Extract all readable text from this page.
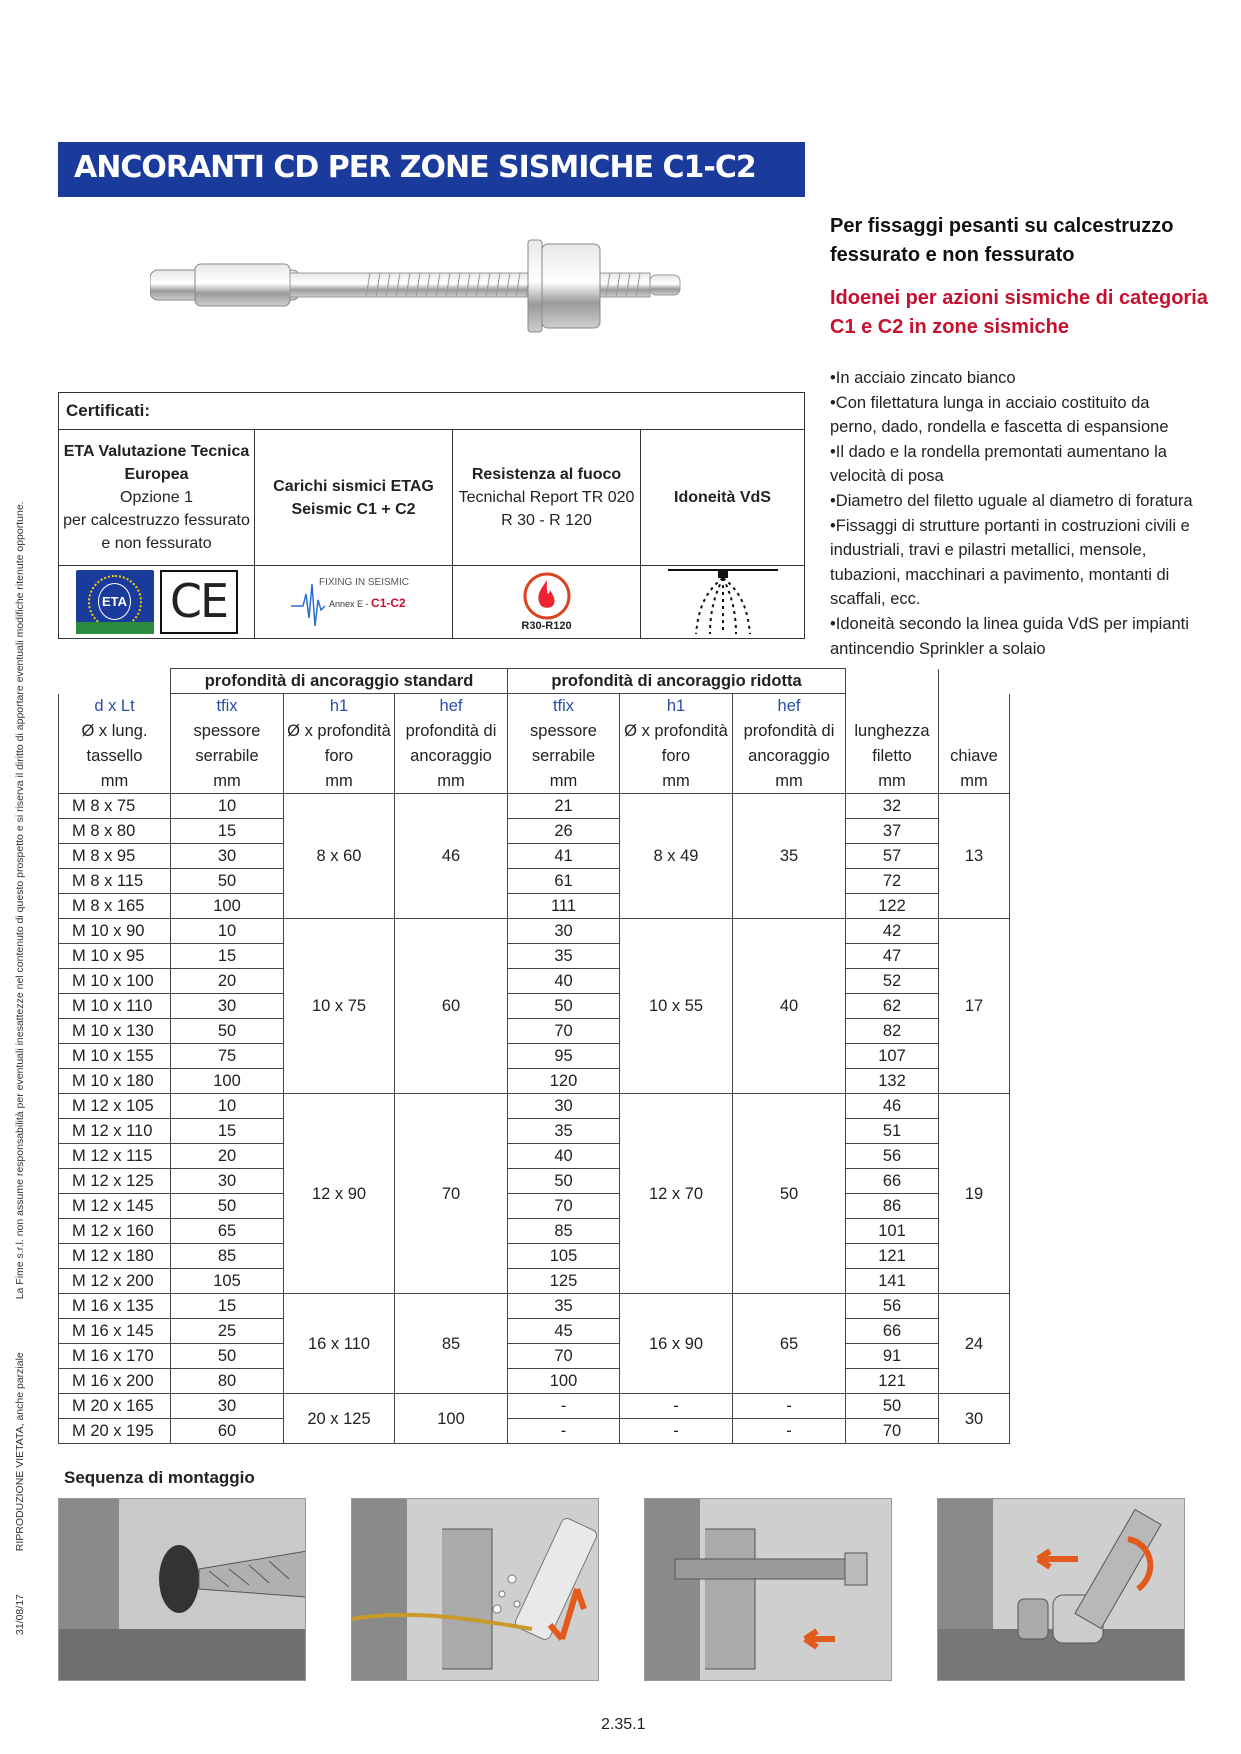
31/08/17 RIPRODUZIONE VIETATA, anche parziale La Fime s.r.l. non assume responsabilità per eventuali inesattezze nel contenuto di questo prospetto e si riserva il diritto di apportare eventuali modifiche ritenute opportune.
ANCORANTI CD PER ZONE SISMICHE C1-C2
Per fissaggi pesanti su calcestruzzo fessurato e non fessurato
Idoenei per azioni sismiche di categoria C1 e C2 in zone sismiche
• In acciaio zincato bianco
• Con filettatura lunga in acciaio costituito da perno, dado, rondella e fascetta di espansione
• Il dado e la rondella premontati aumentano la velocità di posa
• Diametro del filetto uguale al diametro di foratura
• Fissaggi di strutture portanti in costruzioni civili e industriali, travi e pilastri metallici, mensole, tubazioni, macchinari a pavimento, montanti di scaffali, ecc.
• Idoneità secondo la linea guida VdS per impianti antincendio Sprinkler a solaio
Certificati:
ETA Valutazione Tecnica Europea
Opzione 1
per calcestruzzo fessurato e non fessurato
ETA CE
Carichi sismici ETAG Seismic C1 + C2
FIXING IN SEISMIC
Annex E - C1-C2
Resistenza al fuoco
Tecnichal Report TR 020
R 30 - R 120
R30-R120
Idoneità VdS
	profondità di ancoraggio standard			profondità di ancoraggio ridotta				
d x Lt	tfix	h1	hef	tfix	h1	hef		
Ø x lung.	spessore	Ø x profondità	profondità di	spessore	Ø x profondità	profondità di	lunghezza	
tassello	serrabile	foro	ancoraggio	serrabile	foro	ancoraggio	filetto	chiave
mm	mm	mm	mm	mm	mm	mm	mm	mm
M 8 x 75	10	8 x 60	46	21	8 x 49	35	32	13
M 8 x 80	15			26			37	
M 8 x 95	30			41			57	
M 8 x 115	50			61			72	
M 8 x 165	100			111			122	
M 10 x 90	10	10 x 75	60	30	10 x 55	40	42	17
M 10 x 95	15			35			47	
M 10 x 100	20			40			52	
M 10 x 110	30			50			62	
M 10 x 130	50			70			82	
M 10 x 155	75			95			107	
M 10 x 180	100			120			132	
M 12 x 105	10	12 x 90	70	30	12 x 70	50	46	19
M 12 x 110	15			35			51	
M 12 x 115	20			40			56	
M 12 x 125	30			50			66	
M 12 x 145	50			70			86	
M 12 x 160	65			85			101	
M 12 x 180	85			105			121	
M 12 x 200	105			125			141	
M 16 x 135	15	16 x 110	85	35	16 x 90	65	56	24
M 16 x 145	25			45			66	
M 16 x 170	50			70			91	
M 16 x 200	80			100			121	
M 20 x 165	30	20 x 125	100	-	-	-	50	30
M 20 x 195	60			-	-	-	70	
Sequenza di montaggio
2.35.1
